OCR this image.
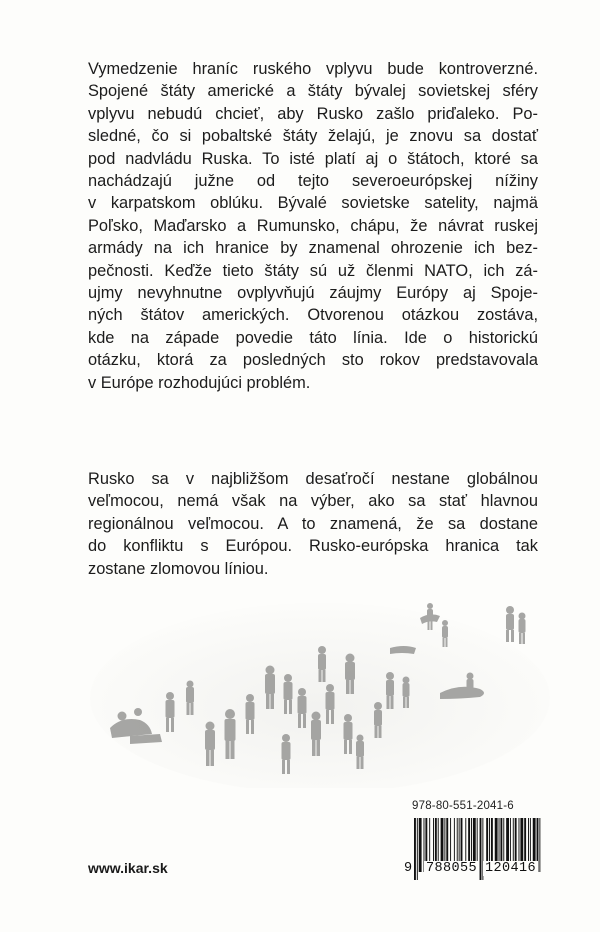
Vymedzenie hraníc ruského vplyvu bude kontroverzné.
Spojené štáty americké a štáty bývalej sovietskej sféry
vplyvu nebudú chcieť, aby Rusko zašlo priďaleko. Po-
sledné, čo si pobaltské štáty želajú, je znovu sa dostať
pod nadvládu Ruska. To isté platí aj o štátoch, ktoré sa
nachádzajú južne od tejto severoeurópskej nížiny
v karpatskom oblúku. Bývalé sovietske satelity, najmä
Poľsko, Maďarsko a Rumunsko, chápu, že návrat ruskej
armády na ich hranice by znamenal ohrozenie ich bez-
pečnosti. Keďže tieto štáty sú už členmi NATO, ich zá-
ujmy nevyhnutne ovplyvňujú záujmy Európy aj Spoje-
ných štátov amerických. Otvorenou otázkou zostáva,
kde na západe povedie táto línia. Ide o historickú
otázku, ktorá za posledných sto rokov predstavovala
v Európe rozhodujúci problém.
Rusko sa v najbližšom desaťročí nestane globálnou
veľmocou, nemá však na výber, ako sa stať hlavnou
regionálnou veľmocou. A to znamená, že sa dostane
do konfliktu s Európou. Rusko-európska hranica tak
zostane zlomovou líniou.
978-80-551-2041-6
9	788055 120416
www.ikar.sk
